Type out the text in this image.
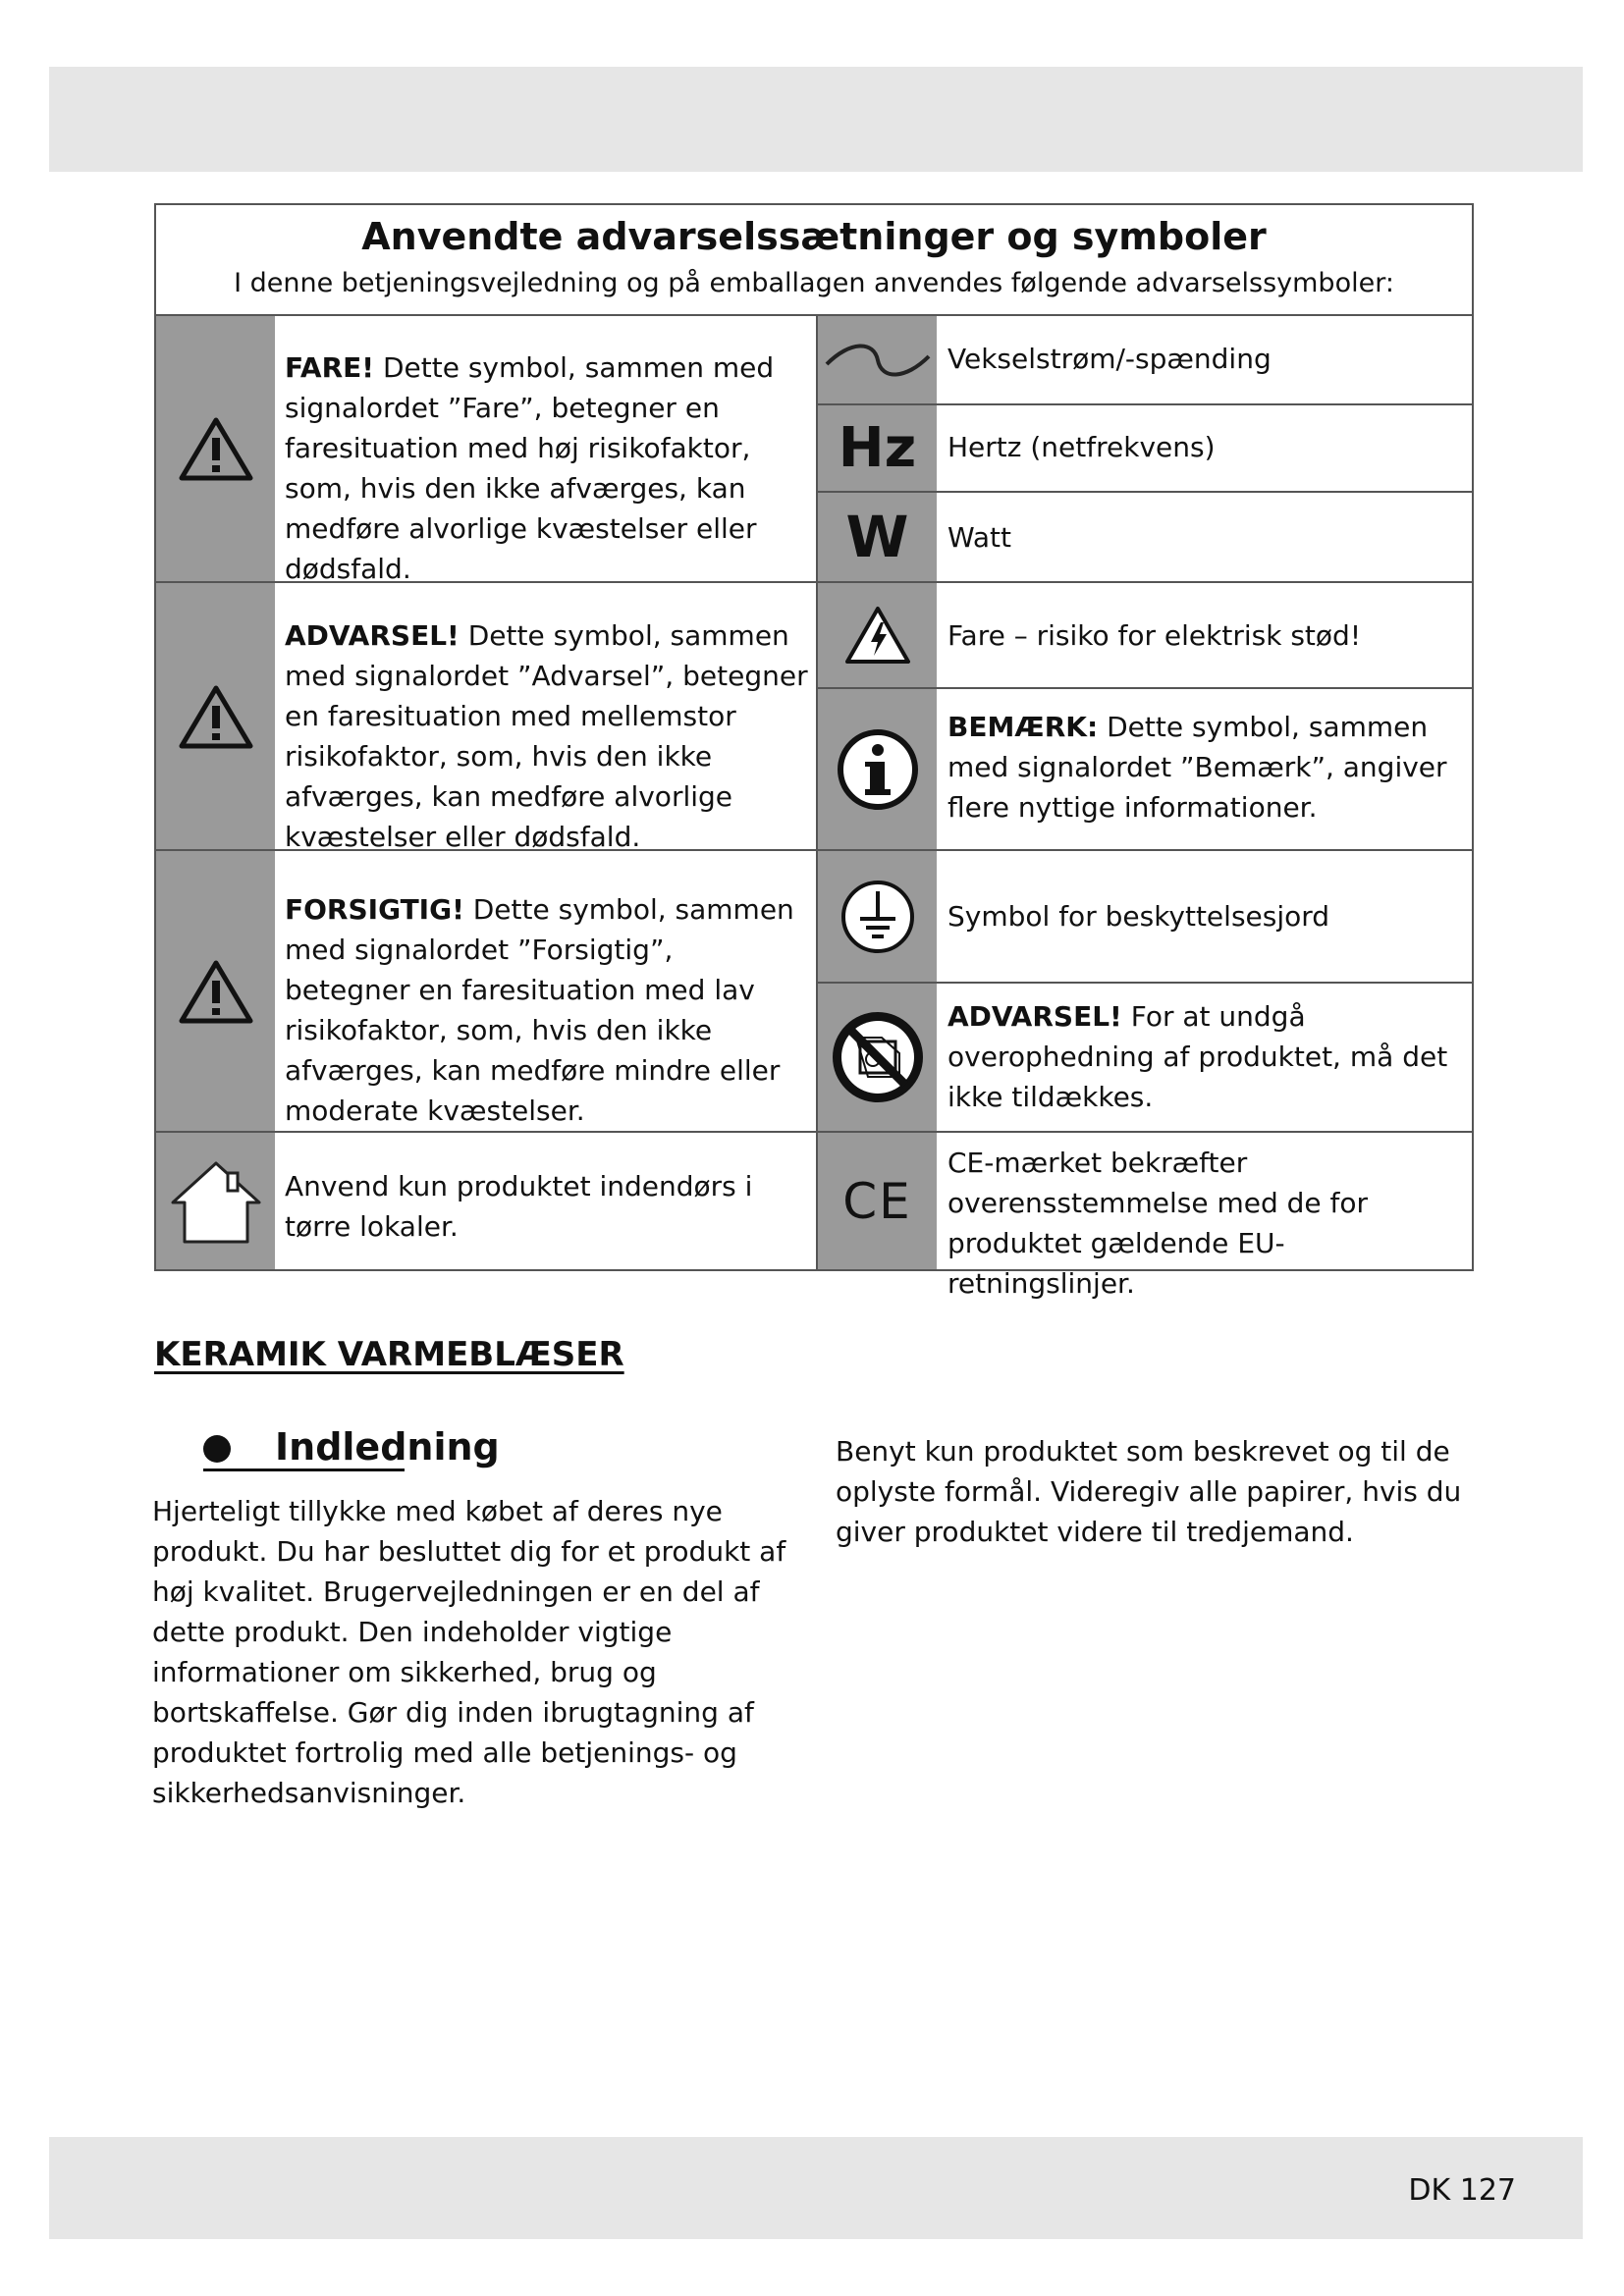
Anvendte advarselssætninger og symboler
I denne betjeningsvejledning og på emballagen anvendes følgende advarselssymboler:
FARE! Dette symbol, sammen med signalordet ”Fare”, betegner en faresituation med høj risikofaktor, som, hvis den ikke afværges, kan medføre alvorlige kvæstelser eller dødsfald.
ADVARSEL! Dette symbol, sammen med signalordet ”Advarsel”, betegner en faresituation med mellemstor risikofaktor, som, hvis den ikke afværges, kan medføre alvorlige kvæstelser eller dødsfald.
FORSIGTIG! Dette symbol, sammen med signalordet ”Forsigtig”, betegner en faresituation med lav risikofaktor, som, hvis den ikke afværges, kan medføre mindre eller moderate kvæstelser.
Anvend kun produktet indendørs i tørre lokaler.
Hz
W
CE
Vekselstrøm/-spænding
Hertz (netfrekvens)
Watt
Fare – risiko for elektrisk stød!
BEMÆRK: Dette symbol, sammen med signalordet ”Bemærk”, angiver flere nyttige informationer.
Symbol for beskyttelsesjord
ADVARSEL! For at undgå overophedning af produktet, må det ikke tildækkes.
CE-mærket bekræfter overensstemmelse med de for produktet gældende EU-retningslinjer.
KERAMIK VARMEBLÆSER
Indledning
Hjerteligt tillykke med købet af deres nye produkt. Du har besluttet dig for et produkt af høj kvalitet. Brugervejledningen er en del af dette produkt. Den indeholder vigtige informationer om sikkerhed, brug og bortskaffelse. Gør dig inden ibrugtagning af produktet fortrolig med alle betjenings- og sikkerhedsanvisninger.
Benyt kun produktet som beskrevet og til de oplyste formål. Videregiv alle papirer, hvis du giver produktet videre til tredjemand.
DK 127
